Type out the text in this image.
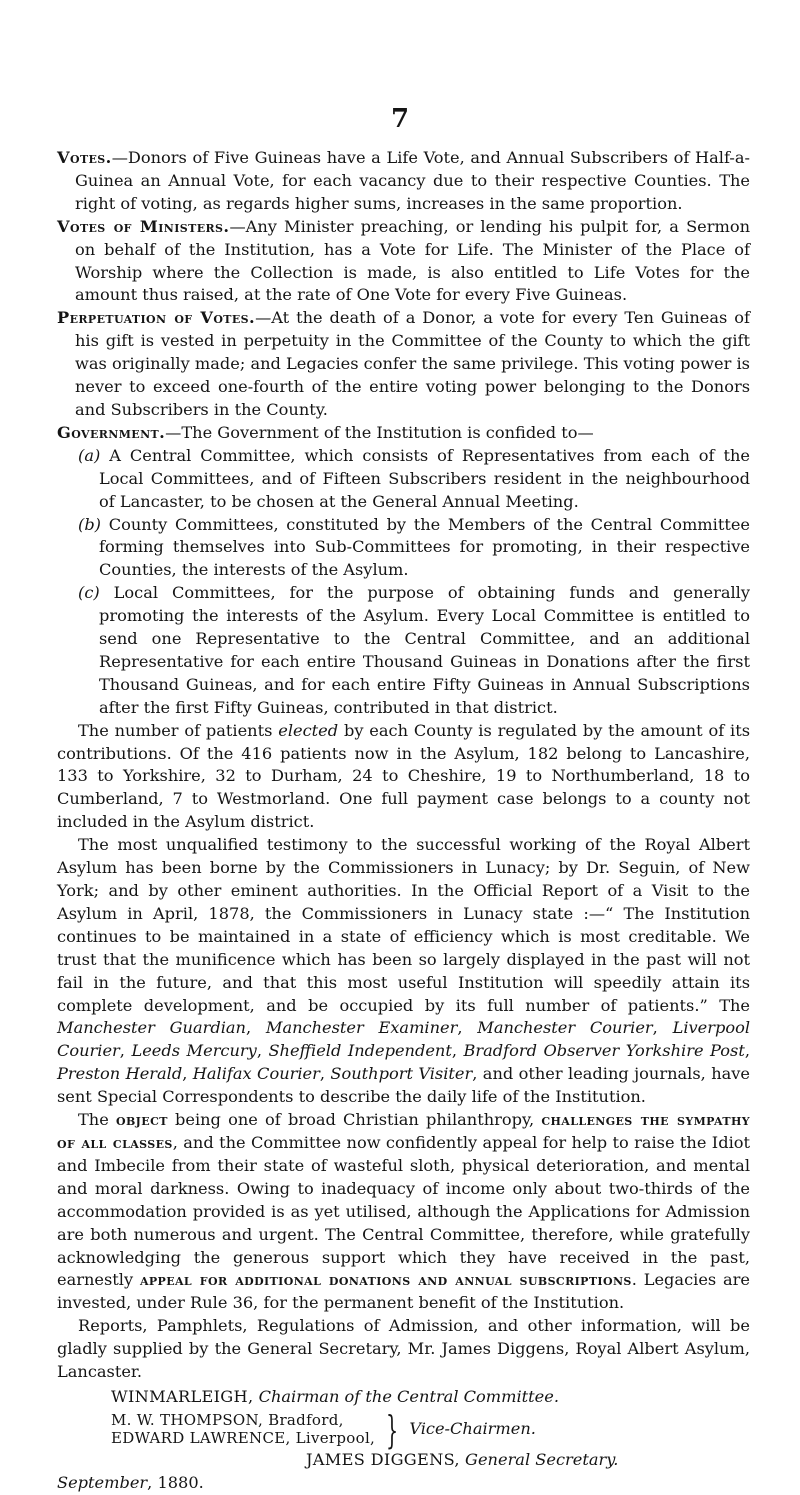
7

Votes.—Donors of Five Guineas have a Life Vote, and Annual Subscribers of Half-a-Guinea an Annual Vote, for each vacancy due to their respective Counties. The right of voting, as regards higher sums, increases in the same proportion.

Votes of Ministers.—Any Minister preaching, or lending his pulpit for, a Sermon on behalf of the Institution, has a Vote for Life. The Minister of the Place of Worship where the Collection is made, is also entitled to Life Votes for the amount thus raised, at the rate of One Vote for every Five Guineas.

Perpetuation of Votes.—At the death of a Donor, a vote for every Ten Guineas of his gift is vested in perpetuity in the Committee of the County to which the gift was originally made; and Legacies confer the same privilege. This voting power is never to exceed one-fourth of the entire voting power belonging to the Donors and Subscribers in the County.

Government.—The Government of the Institution is confided to—

(a) A Central Committee, which consists of Representatives from each of the Local Committees, and of Fifteen Subscribers resident in the neighbourhood of Lancaster, to be chosen at the General Annual Meeting.

(b) County Committees, constituted by the Members of the Central Committee forming themselves into Sub-Committees for promoting, in their respective Counties, the interests of the Asylum.

(c) Local Committees, for the purpose of obtaining funds and generally promoting the interests of the Asylum. Every Local Committee is entitled to send one Representative to the Central Committee, and an additional Representative for each entire Thousand Guineas in Donations after the first Thousand Guineas, and for each entire Fifty Guineas in Annual Subscriptions after the first Fifty Guineas, contributed in that district.

The number of patients elected by each County is regulated by the amount of its contributions. Of the 416 patients now in the Asylum, 182 belong to Lancashire, 133 to Yorkshire, 32 to Durham, 24 to Cheshire, 19 to Northumberland, 18 to Cumberland, 7 to Westmorland. One full payment case belongs to a county not included in the Asylum district.

The most unqualified testimony to the successful working of the Royal Albert Asylum has been borne by the Commissioners in Lunacy; by Dr. Seguin, of New York; and by other eminent authorities. In the Official Report of a Visit to the Asylum in April, 1878, the Commissioners in Lunacy state :—“ The Institution continues to be maintained in a state of efficiency which is most creditable. We trust that the munificence which has been so largely displayed in the past will not fail in the future, and that this most useful Institution will speedily attain its complete development, and be occupied by its full number of patients.” The Manchester Guardian, Manchester Examiner, Manchester Courier, Liverpool Courier, Leeds Mercury, Sheffield Independent, Bradford Observer Yorkshire Post, Preston Herald, Halifax Courier, Southport Visiter, and other leading journals, have sent Special Correspondents to describe the daily life of the Institution.

The object being one of broad Christian philanthropy, challenges the sympathy of all classes, and the Committee now confidently appeal for help to raise the Idiot and Imbecile from their state of wasteful sloth, physical deterioration, and mental and moral darkness. Owing to inadequacy of income only about two-thirds of the accommodation provided is as yet utilised, although the Applications for Admission are both numerous and urgent. The Central Committee, therefore, while gratefully acknowledging the generous support which they have received in the past, earnestly appeal for additional donations and annual subscriptions. Legacies are invested, under Rule 36, for the permanent benefit of the Institution.

Reports, Pamphlets, Regulations of Admission, and other information, will be gladly supplied by the General Secretary, Mr. James Diggens, Royal Albert Asylum, Lancaster.

WINMARLEIGH, Chairman of the Central Committee.
M. W. THOMPSON, Bradford,
EDWARD LAWRENCE, Liverpool, } Vice-Chairmen.
JAMES DIGGENS, General Secretary.
September, 1880.
